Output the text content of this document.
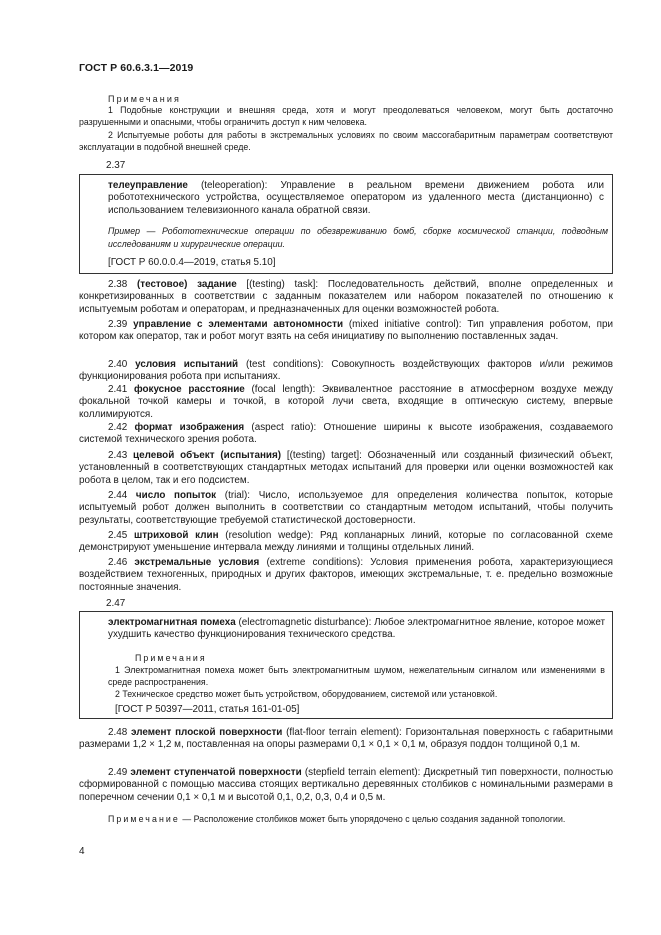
ГОСТ Р 60.6.3.1—2019
Примечания

1 Подобные конструкции и внешняя среда, хотя и могут преодолеваться человеком, могут быть достаточно разрушенными и опасными, чтобы ограничить доступ к ним человека.

2 Испытуемые роботы для работы в экстремальных условиях по своим массогабаритным параметрам соответствуют эксплуатации в подобной внешней среде.

2.37

телеуправление (teleoperation): Управление в реальном времени движением робота или робототехнического устройства, осуществляемое оператором из удаленного места (дистанционно) с использованием телевизионного канала обратной связи.

Пример — Робототехнические операции по обезвреживанию бомб, сборке космической станции, подводным исследованиям и хирургические операции.

[ГОСТ Р 60.0.0.4—2019, статья 5.10]

2.38 (тестовое) задание [(testing) task]: Последовательность действий, вполне определенных и конкретизированных в соответствии с заданным показателем или набором показателей по отношению к испытуемым роботам и операторам, и предназначенных для оценки возможностей робота.

2.39 управление с элементами автономности (mixed initiative control): Тип управления роботом, при котором как оператор, так и робот могут взять на себя инициативу по выполнению поставленных задач.

2.40 условия испытаний (test conditions): Совокупность воздействующих факторов и/или режимов функционирования робота при испытаниях.

2.41 фокусное расстояние (focal length): Эквивалентное расстояние в атмосферном воздухе между фокальной точкой камеры и точкой, в которой лучи света, входящие в оптическую систему, впервые коллимируются.

2.42 формат изображения (aspect ratio): Отношение ширины к высоте изображения, создаваемого системой технического зрения робота.

2.43 целевой объект (испытания) [(testing) target]: Обозначенный или созданный физический объект, установленный в соответствующих стандартных методах испытаний для проверки или оценки возможностей как робота в целом, так и его подсистем.

2.44 число попыток (trial): Число, используемое для определения количества попыток, которые испытуемый робот должен выполнить в соответствии со стандартным методом испытаний, чтобы получить результаты, соответствующие требуемой статистической достоверности.

2.45 штриховой клин (resolution wedge): Ряд копланарных линий, которые по согласованной схеме демонстрируют уменьшение интервала между линиями и толщины отдельных линий.

2.46 экстремальные условия (extreme conditions): Условия применения робота, характеризующиеся воздействием техногенных, природных и других факторов, имеющих экстремальные, т. е. предельно возможные постоянные значения.

2.47

электромагнитная помеха (electromagnetic disturbance): Любое электромагнитное явление, которое может ухудшить качество функционирования технического средства.

Примечания

1 Электромагнитная помеха может быть электромагнитным шумом, нежелательным сигналом или изменениями в среде распространения.

2 Техническое средство может быть устройством, оборудованием, системой или установкой.

[ГОСТ Р 50397—2011, статья 161-01-05]

2.48 элемент плоской поверхности (flat-floor terrain element): Горизонтальная поверхность с габаритными размерами 1,2 × 1,2 м, поставленная на опоры размерами 0,1 × 0,1 × 0,1 м, образуя поддон толщиной 0,1 м.

2.49 элемент ступенчатой поверхности (stepfield terrain element): Дискретный тип поверхности, полностью сформированной с помощью массива стоящих вертикально деревянных столбиков с номинальными размерами в поперечном сечении 0,1 × 0,1 м и высотой 0,1, 0,2, 0,3, 0,4 и 0,5 м.

Примечание — Расположение столбиков может быть упорядочено с целью создания заданной топологии.

4
